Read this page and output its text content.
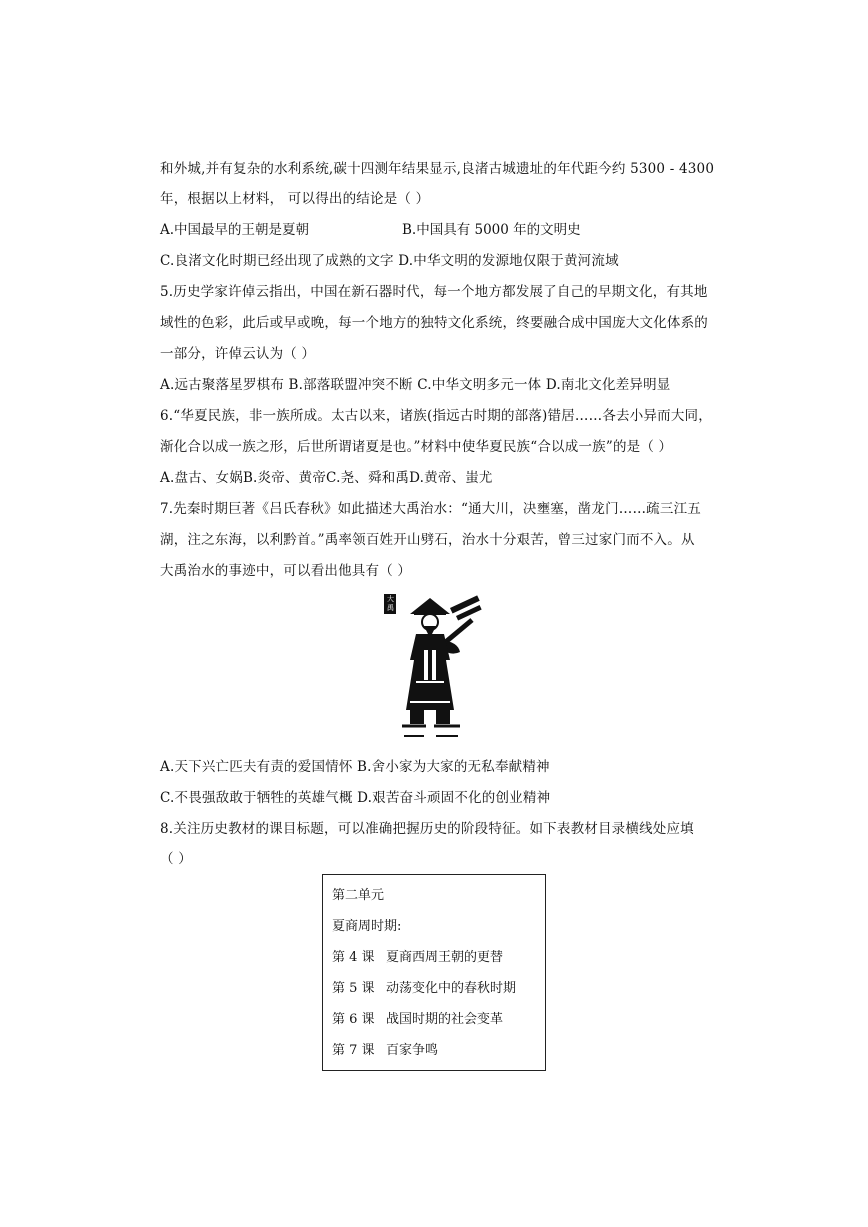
和外城,并有复杂的水利系统,碳十四测年结果显示,良渚古城遗址的年代距今约 5300 - 4300
年，根据以上材料， 可以得出的结论是（ ）
A.中国最早的王朝是夏朝	B.中国具有 5000 年的文明史
C.良渚文化时期已经出现了成熟的文字 D.中华文明的发源地仅限于黄河流域
5.历史学家许倬云指出，中国在新石器时代，每一个地方都发展了自己的早期文化，有其地
域性的色彩，此后或早或晚，每一个地方的独特文化系统，终要融合成中国庞大文化体系的
一部分，许倬云认为（ ）
A.远古聚落星罗棋布 B.部落联盟冲突不断 C.中华文明多元一体 D.南北文化差异明显
6.“华夏民族，非一族所成。太古以来，诸族(指远古时期的部落)错居……各去小异而大同，
渐化合以成一族之形，后世所谓诸夏是也。”材料中使华夏民族“合以成一族”的是（ ）
A.盘古、女娲B.炎帝、黄帝C.尧、舜和禹D.黄帝、蚩尤
7.先秦时期巨著《吕氏春秋》如此描述大禹治水：“通大川，决壅塞，凿龙门……疏三江五
湖，注之东海，以利黔首。”禹率领百姓开山劈石，治水十分艰苦，曾三过家门而不入。从
大禹治水的事迹中，可以看出他具有（ ）
大禹
A.天下兴亡匹夫有责的爱国情怀 B.舍小家为大家的无私奉献精神
C.不畏强敌敢于牺牲的英雄气概 D.艰苦奋斗顽固不化的创业精神
8.关注历史教材的课目标题，可以准确把握历史的阶段特征。如下表教材目录横线处应填
（ ）
第二单元
夏商周时期:
第 4 课 夏商西周王朝的更替
第 5 课 动荡变化中的春秋时期
第 6 课 战国时期的社会变革
第 7 课 百家争鸣
